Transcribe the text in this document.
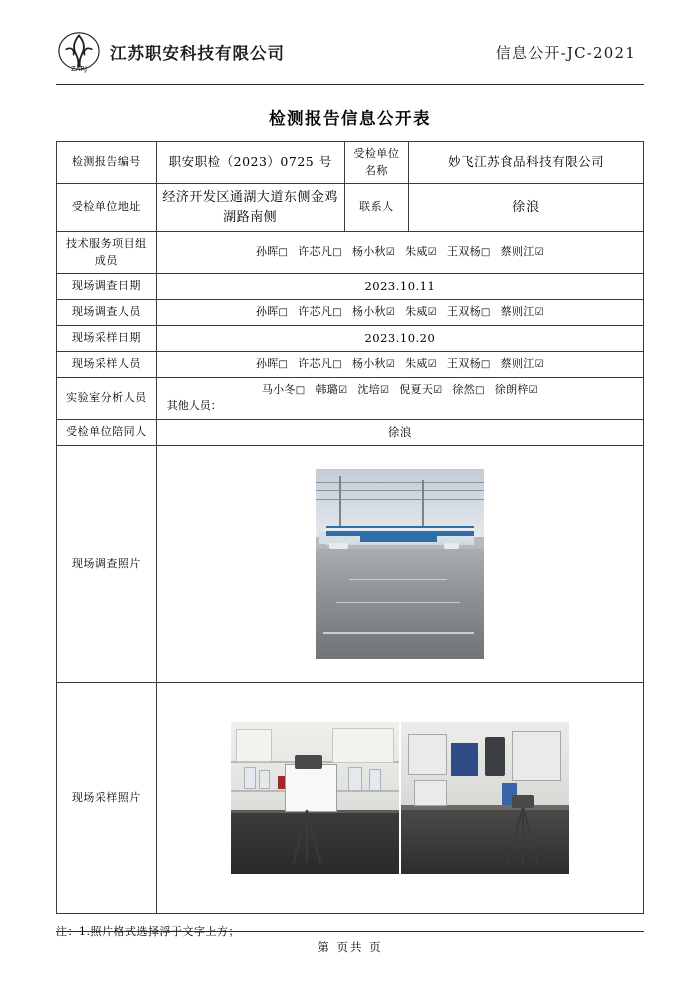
ZARJ
江苏职安科技有限公司	信息公开-JC-2021
检测报告信息公开表
检测报告编号	职安职检（2023）0725 号	受检单位名称	妙飞江苏食品科技有限公司
受检单位地址	经济开发区通湖大道东侧金鸡湖路南侧	联系人	徐浪
技术服务项目组成员	孙晖□ 许芯凡□ 杨小秋☑ 朱威☑ 王双杨□ 蔡则江☑		
现场调查日期	2023.10.11		
现场调查人员	孙晖□ 许芯凡□ 杨小秋☑ 朱威☑ 王双杨□ 蔡则江☑		
现场采样日期	2023.10.20		
现场采样人员	孙晖□ 许芯凡□ 杨小秋☑ 朱威☑ 王双杨□ 蔡则江☑		
实验室分析人员	马小冬□ 韩璐☑ 沈培☑ 倪夏天☑ 徐然□ 徐朗梓☑
其他人员：		

受检单位陪同人	徐浪		
现场调查照片			

现场采样照片			
注：1.照片格式选择浮于文字上方；
第 页共 页
